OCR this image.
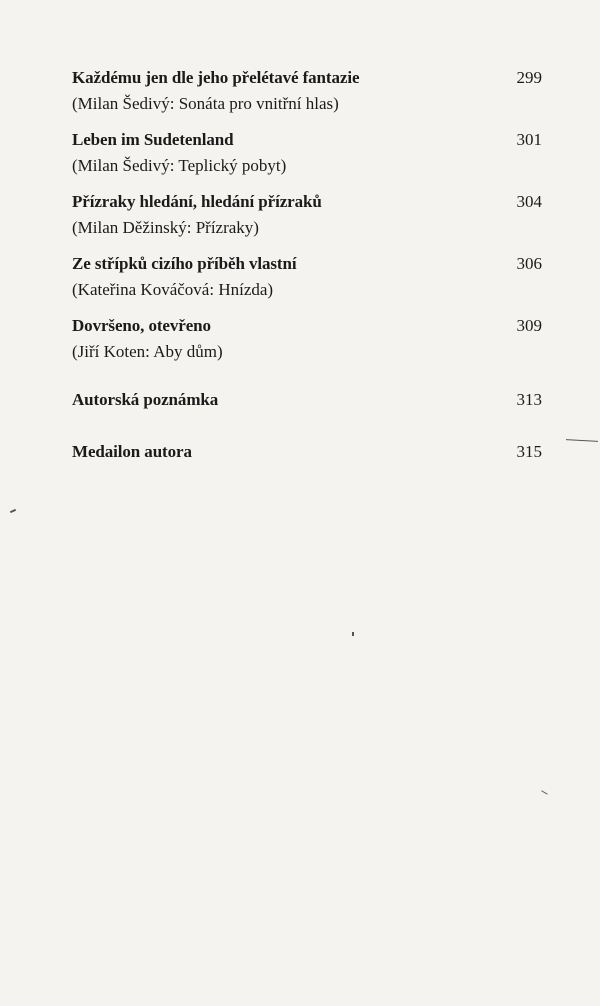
Každému jen dle jeho přelétavé fantazie	299
(Milan Šedivý: Sonáta pro vnitřní hlas)
Leben im Sudetenland	301
(Milan Šedivý: Teplický pobyt)
Přízraky hledání, hledání přízraků	304
(Milan Děžinský: Přízraky)
Ze střípků cizího příběh vlastní	306
(Kateřina Kováčová: Hnízda)
Dovršeno, otevřeno	309
(Jiří Koten: Aby dům)
Autorská poznámka	313
Medailon autora	315
